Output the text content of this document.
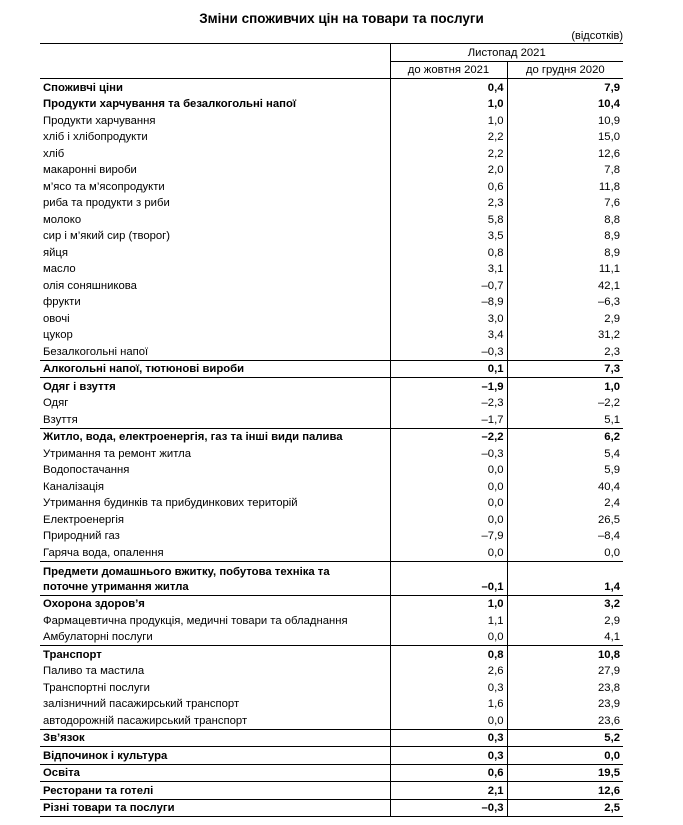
Зміни споживчих цін на товари та послуги
(відсотків)
	Листопад 2021	
	до жовтня 2021	до грудня 2020
Споживчі ціни	0,4	7,9
Продукти харчування та безалкогольні напої	1,0	10,4
Продукти харчування	1,0	10,9
хліб і хлібопродукти	2,2	15,0
хліб	2,2	12,6
макаронні вироби	2,0	7,8
м’ясо та м’ясопродукти	0,6	11,8
риба та продукти з риби	2,3	7,6
молоко	5,8	8,8
сир і м’який сир (творог)	3,5	8,9
яйця	0,8	8,9
масло	3,1	11,1
олія соняшникова	–0,7	42,1
фрукти	–8,9	–6,3
овочі	3,0	2,9
цукор	3,4	31,2
Безалкогольні напої	–0,3	2,3
Алкогольні напої, тютюнові вироби	0,1	7,3
Одяг і взуття	–1,9	1,0
Одяг	–2,3	–2,2
Взуття	–1,7	5,1
Житло, вода, електроенергія, газ та інші види палива	–2,2	6,2
Утримання та ремонт житла	–0,3	5,4
Водопостачання	0,0	5,9
Каналізація	0,0	40,4
Утримання будинків та прибудинкових територій	0,0	2,4
Електроенергія	0,0	26,5
Природний газ	–7,9	–8,4
Гаряча вода, опалення	0,0	0,0
Предмети домашнього вжитку, побутова техніка та
поточне утримання житла	–0,1	1,4
Охорона здоров’я	1,0	3,2
Фармацевтична продукція, медичні товари та обладнання	1,1	2,9
Амбулаторні послуги	0,0	4,1
Транспорт	0,8	10,8
Паливо та мастила	2,6	27,9
Транспортні послуги	0,3	23,8
залізничний пасажирський транспорт	1,6	23,9
автодорожній пасажирський транспорт	0,0	23,6
Зв’язок	0,3	5,2
Відпочинок і культура	0,3	0,0
Освіта	0,6	19,5
Ресторани та готелі	2,1	12,6
Різні товари та послуги	–0,3	2,5
